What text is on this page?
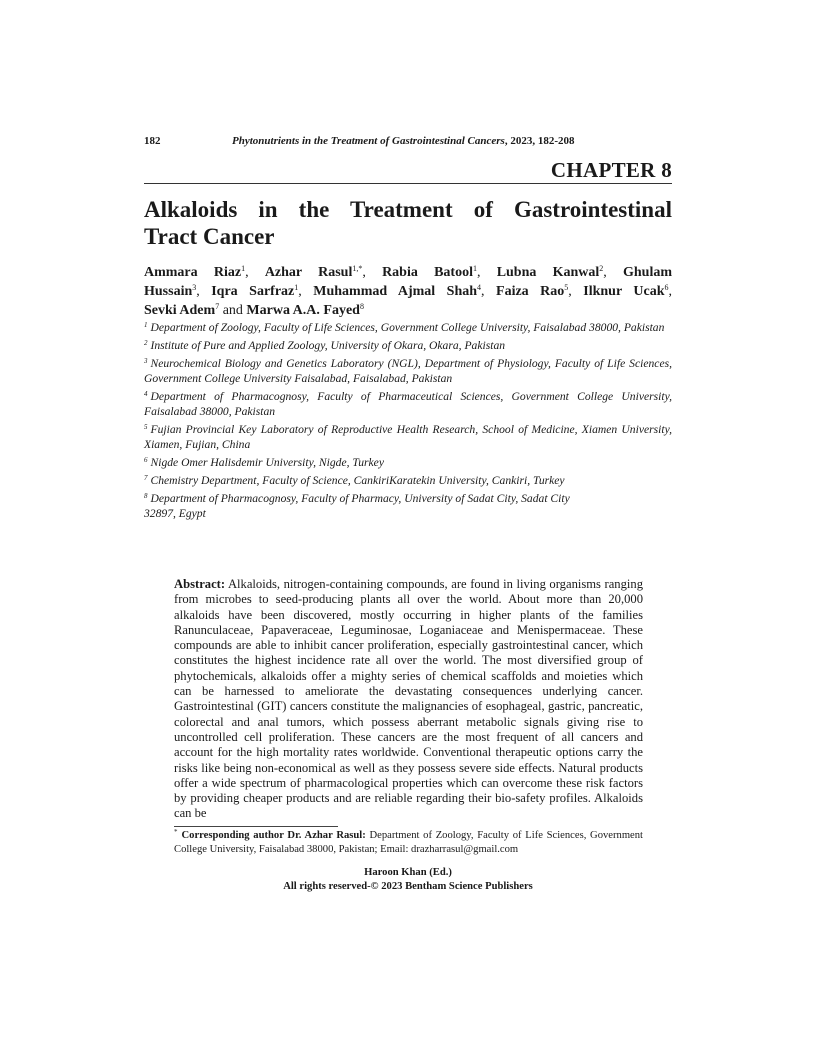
182	Phytonutrients in the Treatment of Gastrointestinal Cancers, 2023, 182-208
CHAPTER 8
Alkaloids in the Treatment of Gastrointestinal
Tract Cancer
Ammara Riaz$^1$, Azhar Rasul$^{1,*}$, Rabia Batool$^1$, Lubna Kanwal$^2$, Ghulam
Hussain$^3$, Iqra Sarfraz$^1$, Muhammad Ajmal Shah$^4$, Faiza Rao$^5$, Ilknur Ucak$^6$,
Sevki Adem$^7$ and Marwa A.A. Fayed$^8$

$^1$ Department of Zoology, Faculty of Life Sciences, Government College University, Faisalabad 38000, Pakistan

$^2$ Institute of Pure and Applied Zoology, University of Okara, Okara, Pakistan

$^3$ Neurochemical Biology and Genetics Laboratory (NGL), Department of Physiology, Faculty of Life Sciences, Government College University Faisalabad, Faisalabad, Pakistan

$^4$ Department of Pharmacognosy, Faculty of Pharmaceutical Sciences, Government College University, Faisalabad 38000, Pakistan

$^5$ Fujian Provincial Key Laboratory of Reproductive Health Research, School of Medicine, Xiamen University, Xiamen, Fujian, China

$^6$ Nigde Omer Halisdemir University, Nigde, Turkey

$^7$ Chemistry Department, Faculty of Science, CankiriKaratekin University, Cankiri, Turkey

$^8$ Department of Pharmacognosy, Faculty of Pharmacy, University of Sadat City, Sadat City 32897, Egypt

Abstract: Alkaloids, nitrogen-containing compounds, are found in living organisms ranging from microbes to seed-producing plants all over the world. About more than 20,000 alkaloids have been discovered, mostly occurring in higher plants of the families Ranunculaceae, Papaveraceae, Leguminosae, Loganiaceae and Menispermaceae. These compounds are able to inhibit cancer proliferation, especially gastrointestinal cancer, which constitutes the highest incidence rate all over the world. The most diversified group of phytochemicals, alkaloids offer a mighty series of chemical scaffolds and moieties which can be harnessed to ameliorate the devastating consequences underlying cancer. Gastrointestinal (GIT) cancers constitute the malignancies of esophageal, gastric, pancreatic, colorectal and anal tumors, which possess aberrant metabolic signals giving rise to uncontrolled cell proliferation. These cancers are the most frequent of all cancers and account for the high mortality rates worldwide. Conventional therapeutic options carry the risks like being non-economical as well as they possess severe side effects. Natural products offer a wide spectrum of pharmacological properties which can overcome these risk factors by providing cheaper products and are reliable regarding their bio-safety profiles. Alkaloids can be
* Corresponding author Dr. Azhar Rasul: Department of Zoology, Faculty of Life Sciences, Government College University, Faisalabad 38000, Pakistan; Email: drazharrasul@gmail.com
Haroon Khan (Ed.)
All rights reserved-© 2023 Bentham Science Publishers
